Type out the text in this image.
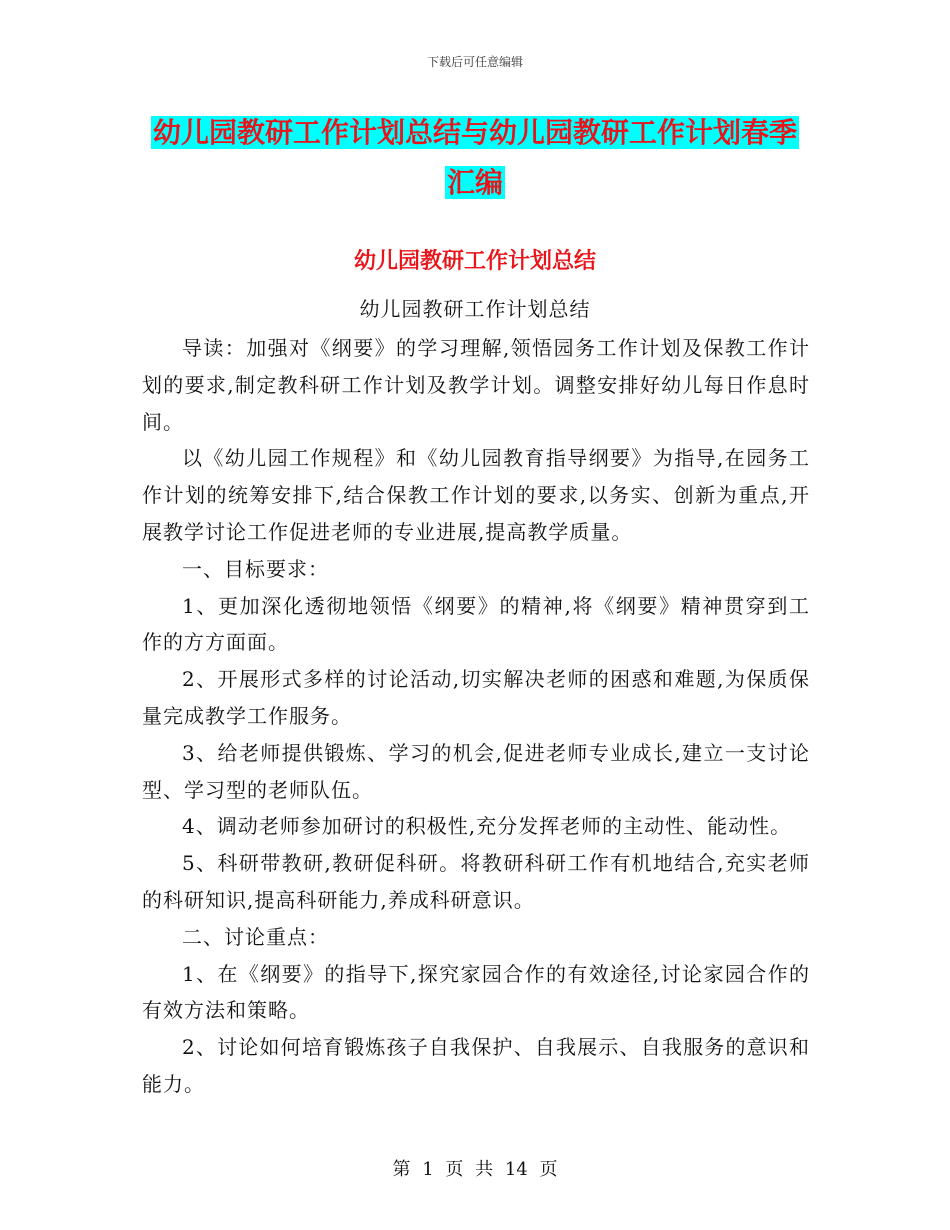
下载后可任意编辑
幼儿园教研工作计划总结与幼儿园教研工作计划春季
汇编
幼儿园教研工作计划总结
幼儿园教研工作计划总结

导读：加强对《纲要》的学习理解,领悟园务工作计划及保教工作计划的要求,制定教科研工作计划及教学计划。调整安排好幼儿每日作息时间。

以《幼儿园工作规程》和《幼儿园教育指导纲要》为指导,在园务工作计划的统筹安排下,结合保教工作计划的要求,以务实、创新为重点,开展教学讨论工作促进老师的专业进展,提高教学质量。

一、目标要求：

1、更加深化透彻地领悟《纲要》的精神,将《纲要》精神贯穿到工作的方方面面。

2、开展形式多样的讨论活动,切实解决老师的困惑和难题,为保质保量完成教学工作服务。

3、给老师提供锻炼、学习的机会,促进老师专业成长,建立一支讨论型、学习型的老师队伍。

4、调动老师参加研讨的积极性,充分发挥老师的主动性、能动性。

5、科研带教研,教研促科研。将教研科研工作有机地结合,充实老师的科研知识,提高科研能力,养成科研意识。

二、讨论重点：

1、在《纲要》的指导下,探究家园合作的有效途径,讨论家园合作的有效方法和策略。

2、讨论如何培育锻炼孩子自我保护、自我展示、自我服务的意识和能力。

第 1 页 共 14 页
